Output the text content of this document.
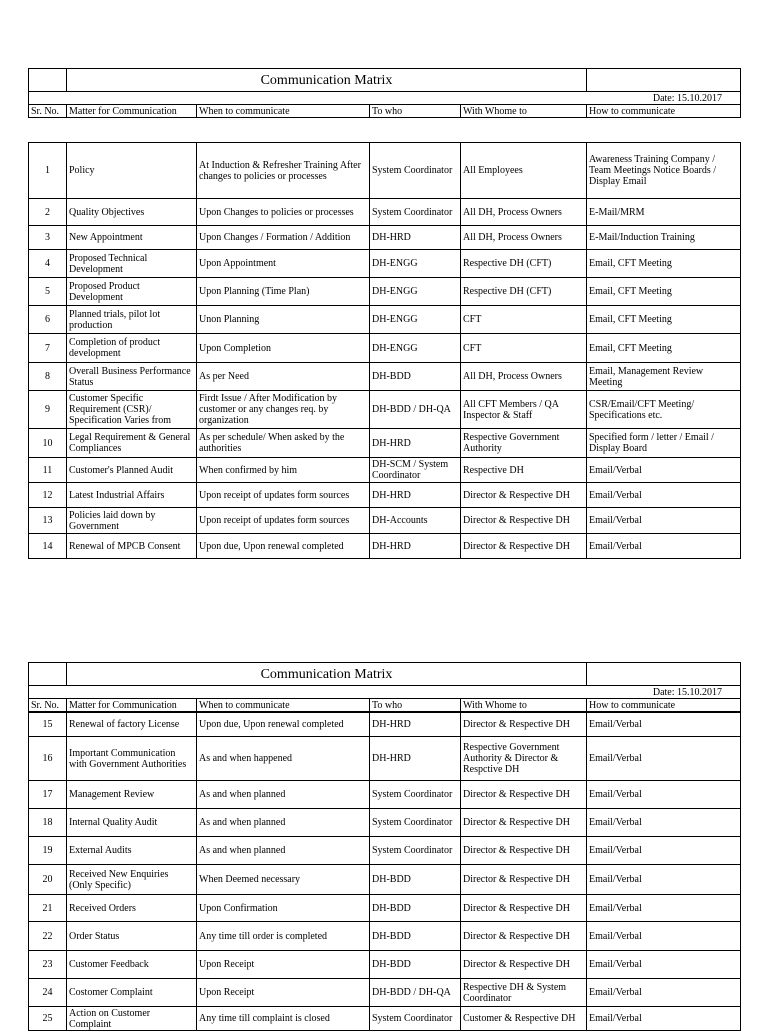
	Communication Matrix				
Date: 15.10.2017					
Sr. No.	Matter for Communication	When to communicate	To who	With Whome to	How to communicate
1	Policy	At Induction & Refresher Training After changes to policies or processes	System Coordinator	All Employees	Awareness Training Company / Team Meetings Notice Boards / Display Email
2	Quality Objectives	Upon Changes to policies or processes	System Coordinator	All DH, Process Owners	E-Mail/MRM
3	New Appointment	Upon Changes / Formation / Addition	DH-HRD	All DH, Process Owners	E-Mail/Induction Training
4	Proposed Technical Development	Upon Appointment	DH-ENGG	Respective DH (CFT)	Email, CFT Meeting
5	Proposed Product Development	Upon Planning (Time Plan)	DH-ENGG	Respective DH (CFT)	Email, CFT Meeting
6	Planned trials, pilot lot production	Unon Planning	DH-ENGG	CFT	Email, CFT Meeting
7	Completion of product development	Upon Completion	DH-ENGG	CFT	Email, CFT Meeting
8	Overall Business Performance Status	As per Need	DH-BDD	All DH, Process Owners	Email, Management Review Meeting
9	Customer Specific Requirement (CSR)/ Specification Varies from	Firdt Issue / After Modification by customer or any changes req. by organization	DH-BDD / DH-QA	All CFT Members / QA Inspector & Staff	CSR/Email/CFT Meeting/ Specifications etc.
10	Legal Requirement & General Compliances	As per schedule/ When asked by the authorities	DH-HRD	Respective Government Authority	Specified form / letter / Email / Display Board
11	Customer's Planned Audit	When confirmed by him	DH-SCM / System Coordinator	Respective DH	Email/Verbal
12	Latest Industrial Affairs	Upon receipt of updates form sources	DH-HRD	Director & Respective DH	Email/Verbal
13	Policies laid down by Government	Upon receipt of updates form sources	DH-Accounts	Director & Respective DH	Email/Verbal
14	Renewal of MPCB Consent	Upon due, Upon renewal completed	DH-HRD	Director & Respective DH	Email/Verbal
	Communication Matrix				
Date: 15.10.2017					
Sr. No.	Matter for Communication	When to communicate	To who	With Whome to	How to communicate
15	Renewal of factory License	Upon due, Upon renewal completed	DH-HRD	Director & Respective DH	Email/Verbal
16	Important Communication with Government Authorities	As and when happened	DH-HRD	Respective Government Authority & Director & Respctive DH	Email/Verbal
17	Management Review	As and when planned	System Coordinator	Director & Respective DH	Email/Verbal
18	Internal Quality Audit	As and when planned	System Coordinator	Director & Respective DH	Email/Verbal
19	External Audits	As and when planned	System Coordinator	Director & Respective DH	Email/Verbal
20	Received New Enquiries (Only Specific)	When Deemed necessary	DH-BDD	Director & Respective DH	Email/Verbal
21	Received Orders	Upon Confirmation	DH-BDD	Director & Respective DH	Email/Verbal
22	Order Status	Any time till order is completed	DH-BDD	Director & Respective DH	Email/Verbal
23	Customer Feedback	Upon Receipt	DH-BDD	Director & Respective DH	Email/Verbal
24	Costomer Complaint	Upon Receipt	DH-BDD / DH-QA	Respective DH & System Coordinator	Email/Verbal
25	Action on Customer Complaint	Any time till complaint is closed	System Coordinator	Customer & Respective DH	Email/Verbal
